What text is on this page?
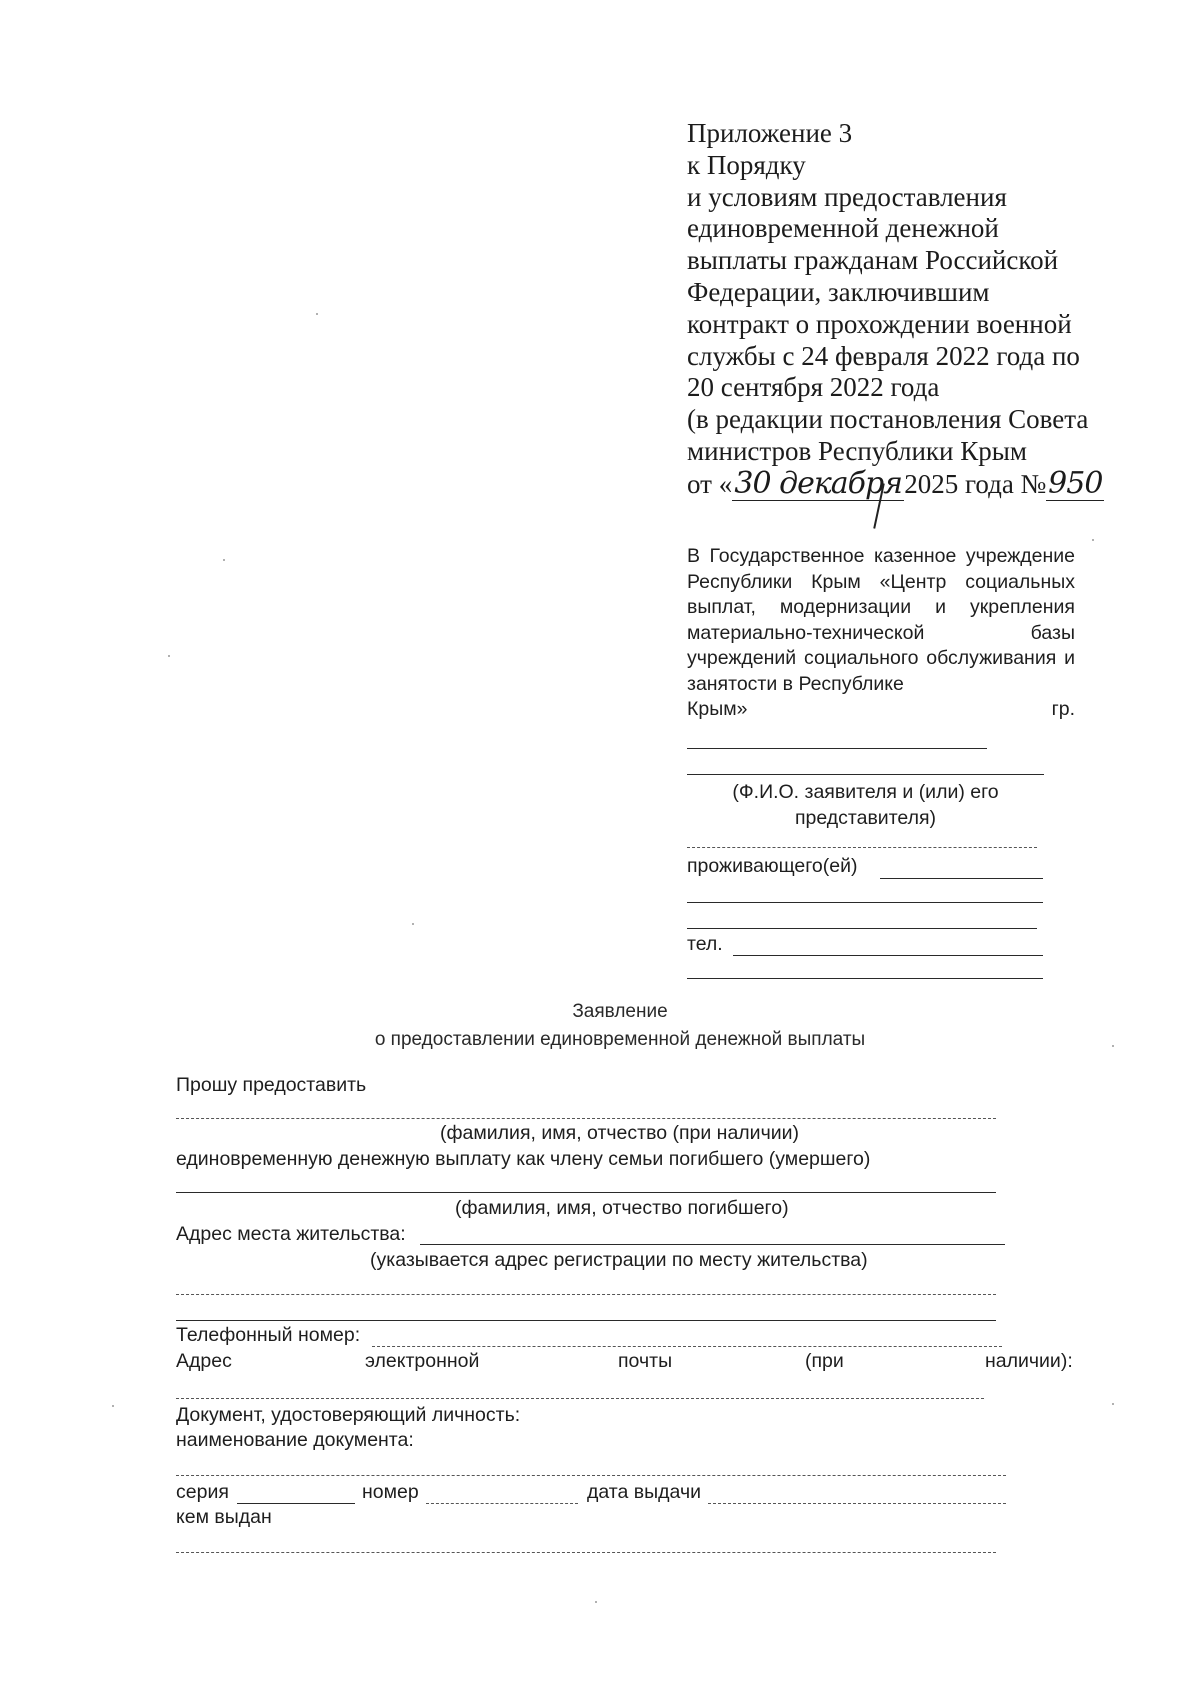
Приложение 3
к Порядку
и условиям предоставления
единовременной денежной
выплаты гражданам Российской
Федерации, заключившим
контракт о прохождении военной
службы с 24 февраля 2022 года по
20 сентября 2022 года
(в редакции постановления Совета
министров Республики Крым
от «30 декабря2025 года №950
В Государственное казенное учреждение Республики Крым «Центр социальных выплат, модернизации и укрепления материально-технической базы учреждений социального обслуживания и занятости в Республике
Крым»	гр.
(Ф.И.О. заявителя и (или) его
представителя)
проживающего(ей)
тел.
Заявление
о предоставлении единовременной денежной выплаты
Прошу предоставить
(фамилия, имя, отчество (при наличии)
единовременную денежную выплату как члену семьи погибшего (умершего)
(фамилия, имя, отчество погибшего)
Адрес места жительства:
(указывается адрес регистрации по месту жительства)
Телефонный номер:
Адрес	электронной	почты	(при	наличии):
Документ, удостоверяющий личность:
наименование документа:
серия	номер	дата выдачи
кем выдан
